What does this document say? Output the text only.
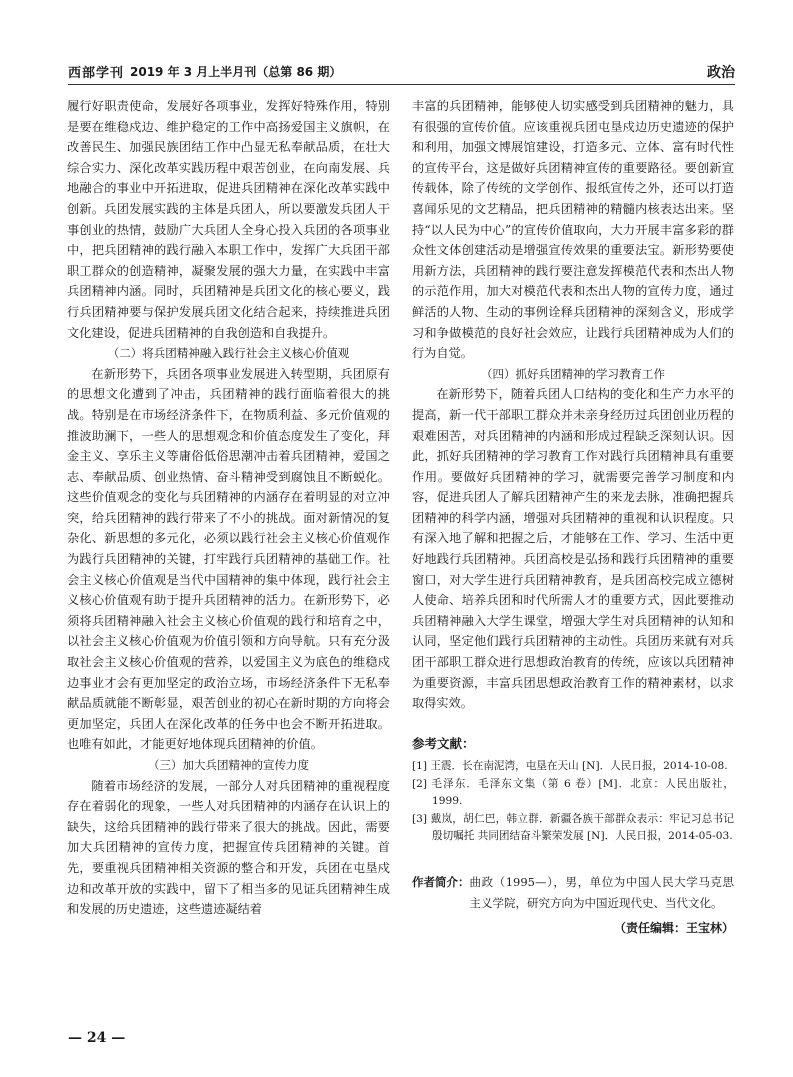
西部学刊 2019 年 3 月上半月刊（总第 86 期）	政治

履行好职责使命，发展好各项事业，发挥好特殊作用，特别是要在维稳戍边、维护稳定的工作中高扬爱国主义旗帜，在改善民生、加强民族团结工作中凸显无私奉献品质，在壮大综合实力、深化改革实践历程中艰苦创业，在向南发展、兵地融合的事业中开拓进取，促进兵团精神在深化改革实践中创新。兵团发展实践的主体是兵团人，所以要激发兵团人干事创业的热情，鼓励广大兵团人全身心投入兵团的各项事业中，把兵团精神的践行融入本职工作中，发挥广大兵团干部职工群众的创造精神，凝聚发展的强大力量，在实践中丰富兵团精神内涵。同时，兵团精神是兵团文化的核心要义，践行兵团精神要与保护发展兵团文化结合起来，持续推进兵团文化建设，促进兵团精神的自我创造和自我提升。

（二）将兵团精神融入践行社会主义核心价值观

在新形势下，兵团各项事业发展进入转型期，兵团原有的思想文化遭到了冲击，兵团精神的践行面临着很大的挑战。特别是在市场经济条件下，在物质利益、多元价值观的推波助澜下，一些人的思想观念和价值态度发生了变化，拜金主义、享乐主义等庸俗低俗思潮冲击着兵团精神，爱国之志、奉献品质、创业热情、奋斗精神受到腐蚀且不断蜕化。这些价值观念的变化与兵团精神的内涵存在着明显的对立冲突，给兵团精神的践行带来了不小的挑战。面对新情况的复杂化、新思想的多元化，必须以践行社会主义核心价值观作为践行兵团精神的关键，打牢践行兵团精神的基础工作。社会主义核心价值观是当代中国精神的集中体现，践行社会主义核心价值观有助于提升兵团精神的活力。在新形势下，必须将兵团精神融入社会主义核心价值观的践行和培育之中，以社会主义核心价值观为价值引领和方向导航。只有充分汲取社会主义核心价值观的营养，以爱国主义为底色的维稳戍边事业才会有更加坚定的政治立场，市场经济条件下无私奉献品质就能不断彰显，艰苦创业的初心在新时期的方向将会更加坚定，兵团人在深化改革的任务中也会不断开拓进取。也唯有如此，才能更好地体现兵团精神的价值。

（三）加大兵团精神的宣传力度

随着市场经济的发展，一部分人对兵团精神的重视程度存在着弱化的现象，一些人对兵团精神的内涵存在认识上的缺失，这给兵团精神的践行带来了很大的挑战。因此，需要加大兵团精神的宣传力度，把握宣传兵团精神的关键。首先，要重视兵团精神相关资源的整合和开发，兵团在屯垦戍边和改革开放的实践中，留下了相当多的见证兵团精神生成和发展的历史遗迹，这些遗迹凝结着

丰富的兵团精神，能够使人切实感受到兵团精神的魅力，具有很强的宣传价值。应该重视兵团屯垦戍边历史遗迹的保护和利用，加强文博展馆建设，打造多元、立体、富有时代性的宣传平台，这是做好兵团精神宣传的重要路径。要创新宣传载体，除了传统的文学创作、报纸宣传之外，还可以打造喜闻乐见的文艺精品，把兵团精神的精髓内核表达出来。坚持“以人民为中心”的宣传价值取向，大力开展丰富多彩的群众性文体创建活动是增强宣传效果的重要法宝。新形势要使用新方法，兵团精神的践行要注意发挥模范代表和杰出人物的示范作用，加大对模范代表和杰出人物的宣传力度，通过鲜活的人物、生动的事例诠释兵团精神的深刻含义，形成学习和争做模范的良好社会效应，让践行兵团精神成为人们的行为自觉。

（四）抓好兵团精神的学习教育工作

在新形势下，随着兵团人口结构的变化和生产力水平的提高，新一代干部职工群众并未亲身经历过兵团创业历程的艰难困苦，对兵团精神的内涵和形成过程缺乏深刻认识。因此，抓好兵团精神的学习教育工作对践行兵团精神具有重要作用。要做好兵团精神的学习，就需要完善学习制度和内容，促进兵团人了解兵团精神产生的来龙去脉，准确把握兵团精神的科学内涵，增强对兵团精神的重视和认识程度。只有深入地了解和把握之后，才能够在工作、学习、生活中更好地践行兵团精神。兵团高校是弘扬和践行兵团精神的重要窗口，对大学生进行兵团精神教育，是兵团高校完成立德树人使命、培养兵团和时代所需人才的重要方式，因此要推动兵团精神融入大学生课堂，增强大学生对兵团精神的认知和认同，坚定他们践行兵团精神的主动性。兵团历来就有对兵团干部职工群众进行思想政治教育的传统，应该以兵团精神为重要资源，丰富兵团思想政治教育工作的精神素材，以求取得实效。

参考文献：
[1] 王震．长在南泥湾，屯垦在天山 [N]．人民日报，2014-10-08.
[2] 毛泽东．毛泽东文集（第 6 卷）[M]．北京：人民出版社，1999.
[3] 戴岚，胡仁巴，韩立群．新疆各族干部群众表示：牢记习总书记殷切嘱托 共同团结奋斗繁荣发展 [N]．人民日报，2014-05-03.
作者简介： 曲政（1995—），男，单位为中国人民大学马克思主义学院，研究方向为中国近现代史、当代文化。
（责任编辑：王宝林）
— 24 —
